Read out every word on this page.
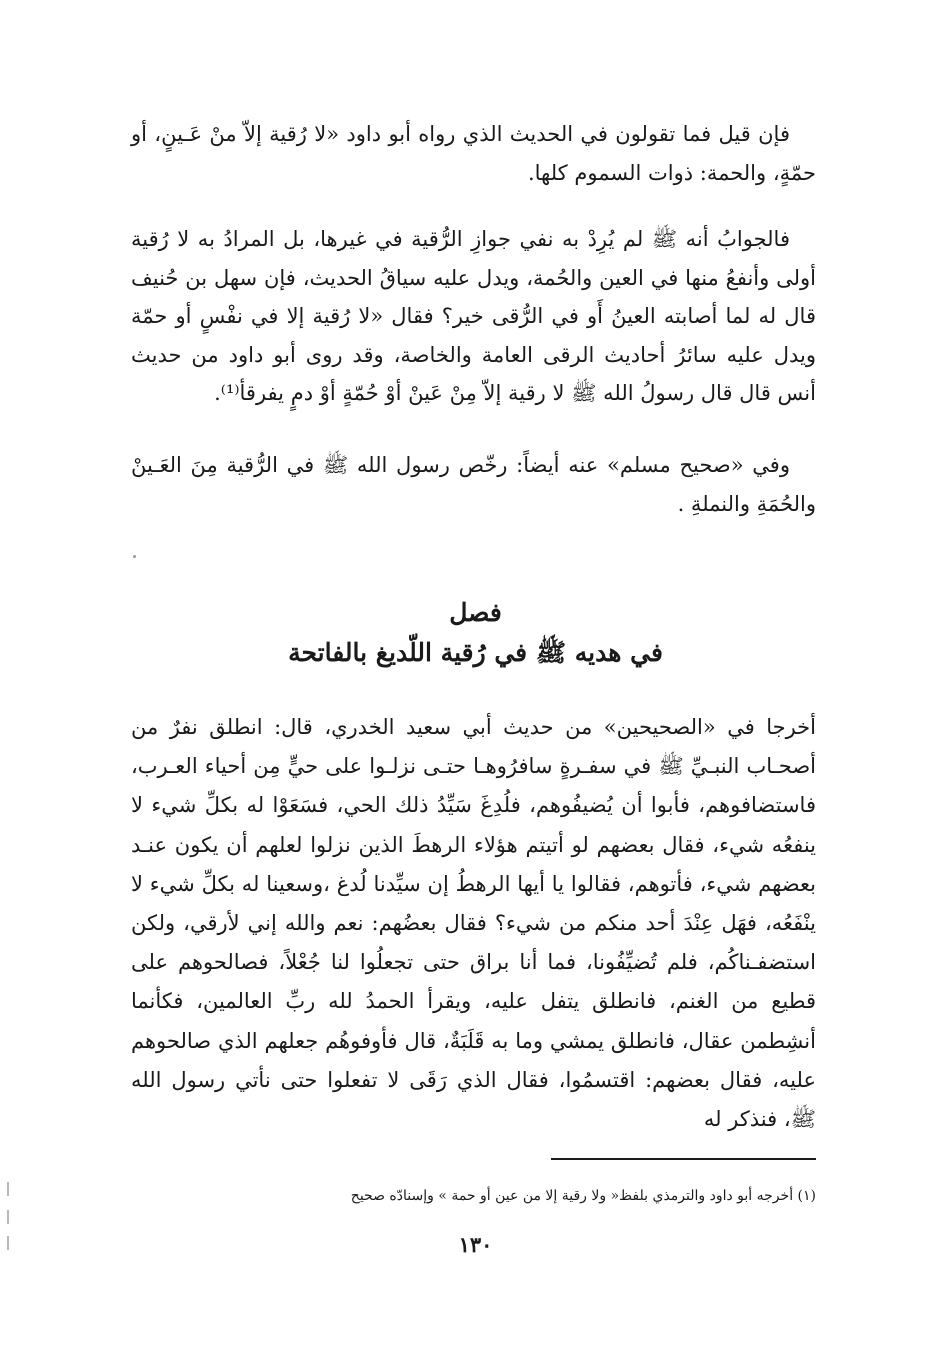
فإن قيل فما تقولون في الحديث الذي رواه أبو داود «لا رُقية إلاّ منْ عَـينٍ، أو حمّةٍ، والحمة: ذوات السموم كلها.

فالجوابُ أنه ﷺ لم يُرِدْ به نفي جوازِ الرُّقية في غيرها، بل المرادُ به لا رُقية أولى وأنفعُ منها في العين والحُمة، ويدل عليه سياقُ الحديث، فإن سهل بن حُنيف قال له لما أصابته العينُ أَو في الرُّقى خير؟ فقال «لا رُقية إلا في نفْسٍ أو حمّة ويدل عليه سائرُ أحاديث الرقى العامة والخاصة، وقد روى أبو داود من حديث أنس قال قال رسولُ الله ﷺ لا رقية إلاّ مِنْ عَينْ أوْ حُمّةٍ أوْ دمٍ يفرقأ⁽¹⁾.

وفي «صحيح مسلم» عنه أيضاً: رخّص رسول الله ﷺ في الرُّقية مِنَ العَـينْ والحُمَةِ والنملةِ .

فصل
في هديه ﷺ في رُقية اللّديغ بالفاتحة

أخرجا في «الصحيحين» من حديث أبي سعيد الخدري، قال: انطلق نفرٌ من أصحـاب النبـيِّ ﷺ في سفـرةٍ سافرُوهـا حتـى نزلـوا على حيٍّ مِن أحياء العـرب، فاستضافوهم، فأبوا أن يُضيفُوهم، فلُدِغَ سَيِّدُ ذلك الحي، فسَعَوْا له بكلِّ شيء لا ينفعُه شيء، فقال بعضهم لو أتيتم هؤلاء الرهطَ الذين نزلوا لعلهم أن يكون عنـد بعضهم شيء، فأتوهم، فقالوا يا أيها الرهطُ إن سيِّدنا لُدغ ،وسعينا له بكلِّ شيء لا ينْفَعُه، فهَل عِنْدَ أحد منكم من شيء؟ فقال بعضُهم: نعم والله إني لأرقي، ولكن استضفـناكُم، فلم تُضيِّفُونا، فما أنا براق حتى تجعلُوا لنا جُعْلاً، فصالحوهم على قطيع من الغنم، فانطلق يتفل عليه، ويقرأ الحمدُ لله ربِّ العالمين، فكأنما أنشِطمن عقال، فانطلق يمشي وما به قَلَبَةٌ، قال فأوفوهُم جعلهم الذي صالحوهم عليه، فقال بعضهم: اقتسمُوا، فقال الذي رَقَى لا تفعلوا حتى نأتي رسول الله ﷺ، فنذكر له

(١) أخرجه أبو داود والترمذي بلفظ« ولا رقية إلا من عين أو حمة » وإسنادّه صحيح
١٣٠
